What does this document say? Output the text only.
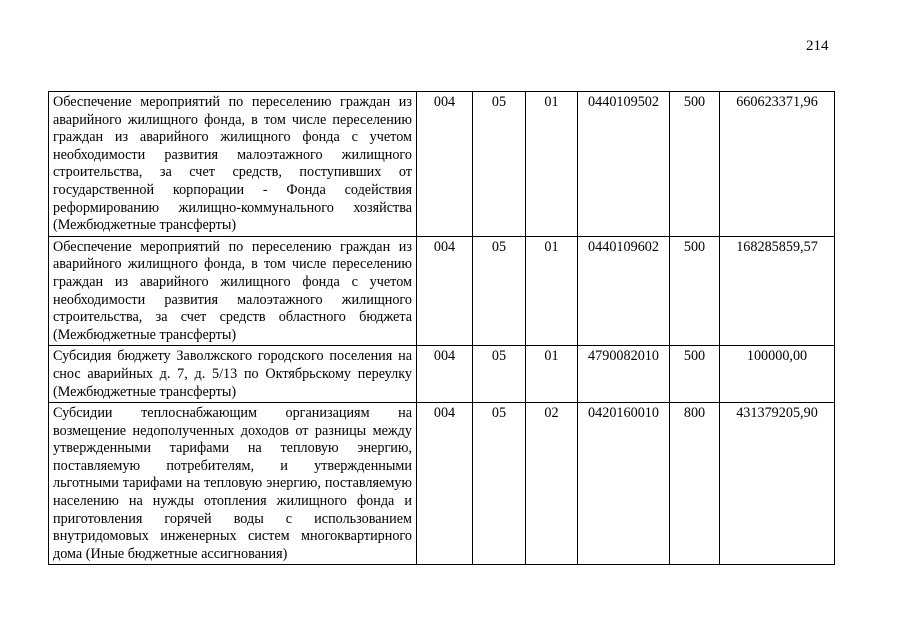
214
Обеспечение мероприятий по переселению граждан из аварийного жилищного фонда, в том числе переселению граждан из аварийного жилищного фонда с учетом необходимости развития малоэтажного жилищного строительства, за счет средств, поступивших от государственной корпорации - Фонда содействия реформированию жилищно-коммунального хозяйства (Межбюджетные трансферты)	004	05	01	0440109502	500	660623371,96
Обеспечение мероприятий по переселению граждан из аварийного жилищного фонда, в том числе переселению граждан из аварийного жилищного фонда с учетом необходимости развития малоэтажного жилищного строительства, за счет средств областного бюджета (Межбюджетные трансферты)	004	05	01	0440109602	500	168285859,57
Субсидия бюджету Заволжского городского поселения на снос аварийных д. 7, д. 5/13 по Октябрьскому переулку (Межбюджетные трансферты)	004	05	01	4790082010	500	100000,00
Субсидии теплоснабжающим организациям на возмещение недополученных доходов от разницы между утвержденными тарифами на тепловую энергию, поставляемую потребителям, и утвержденными льготными тарифами на тепловую энергию, поставляемую населению на нужды отопления жилищного фонда и приготовления горячей воды с использованием внутридомовых инженерных систем многоквартирного дома (Иные бюджетные ассигнования)	004	05	02	0420160010	800	431379205,90
